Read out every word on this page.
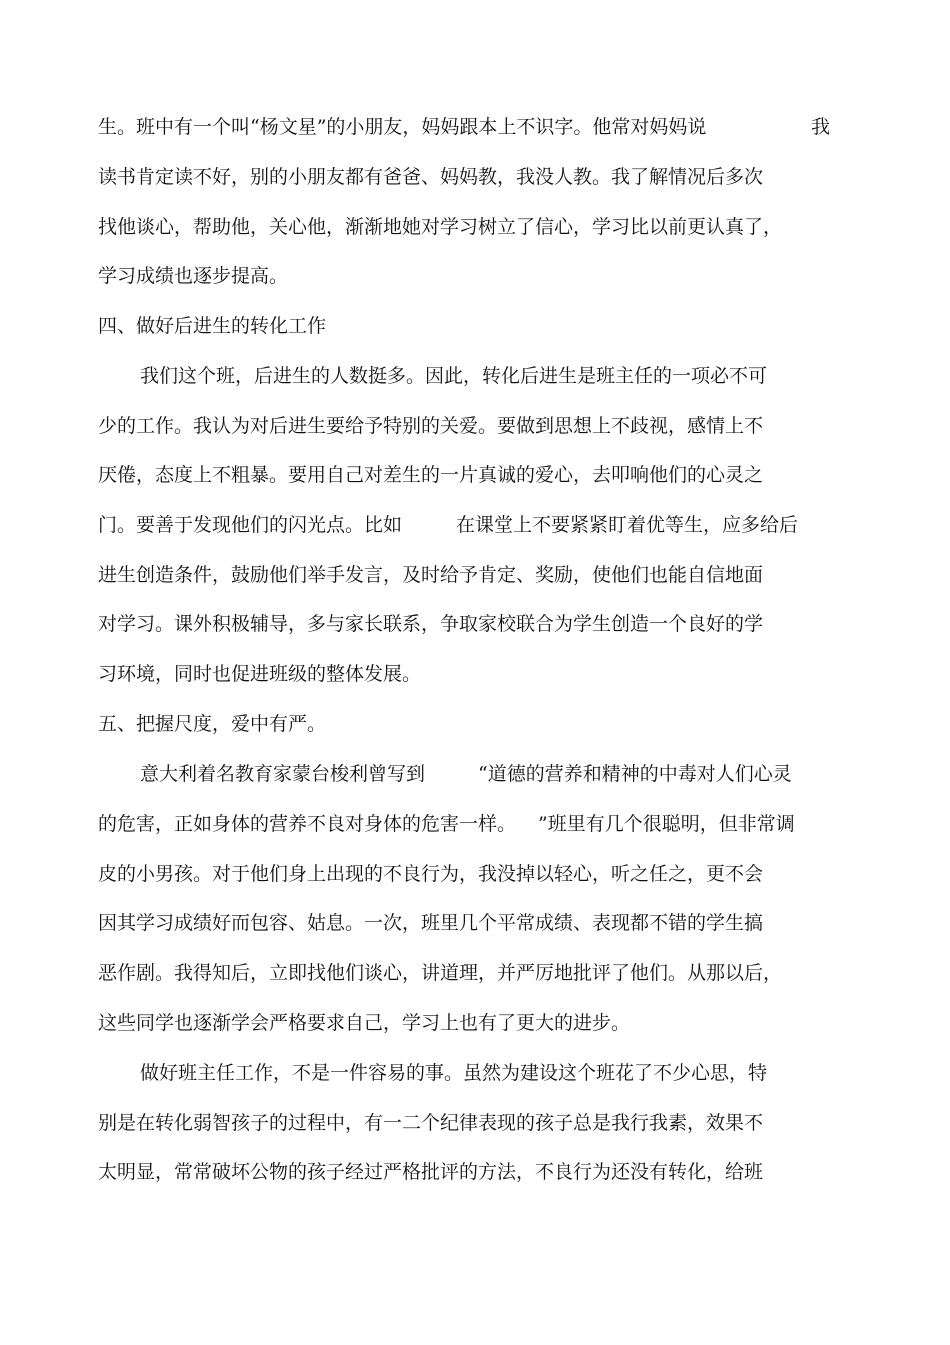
生。班中有一个叫“杨文星”的小朋友，妈妈跟本上不识字。他常对妈妈说

	我

读书肯定读不好，别的小朋友都有爸爸、妈妈教，我没人教。我了解情况后多次

找他谈心，帮助他，关心他，渐渐地她对学习树立了信心，学习比以前更认真了，

学习成绩也逐步提高。

四、做好后进生的转化工作

我们这个班，后进生的人数挺多。因此，转化后进生是班主任的一项必不可

少的工作。我认为对后进生要给予特别的关爱。要做到思想上不歧视，感情上不

厌倦，态度上不粗暴。要用自己对差生的一片真诚的爱心，去叩响他们的心灵之

门。要善于发现他们的闪光点。比如

	在课堂上不要紧紧盯着优等生，应多给后

进生创造条件，鼓励他们举手发言，及时给予肯定、奖励，使他们也能自信地面

对学习。课外积极辅导，多与家长联系，争取家校联合为学生创造一个良好的学

习环境，同时也促进班级的整体发展。

五、把握尺度，爱中有严。

意大利着名教育家蒙台梭利曾写到

	“道德的营养和精神的中毒对人们心灵

的危害，正如身体的营养不良对身体的危害一样。

”班里有几个很聪明，但非常调

皮的小男孩。对于他们身上出现的不良行为，我没掉以轻心，听之任之，更不会

因其学习成绩好而包容、姑息。一次，班里几个平常成绩、表现都不错的学生搞

恶作剧。我得知后，立即找他们谈心，讲道理，并严厉地批评了他们。从那以后，

这些同学也逐渐学会严格要求自己，学习上也有了更大的进步。

做好班主任工作，不是一件容易的事。虽然为建设这个班花了不少心思，特

别是在转化弱智孩子的过程中，有一二个纪律表现的孩子总是我行我素，效果不

太明显，常常破坏公物的孩子经过严格批评的方法，不良行为还没有转化，给班
